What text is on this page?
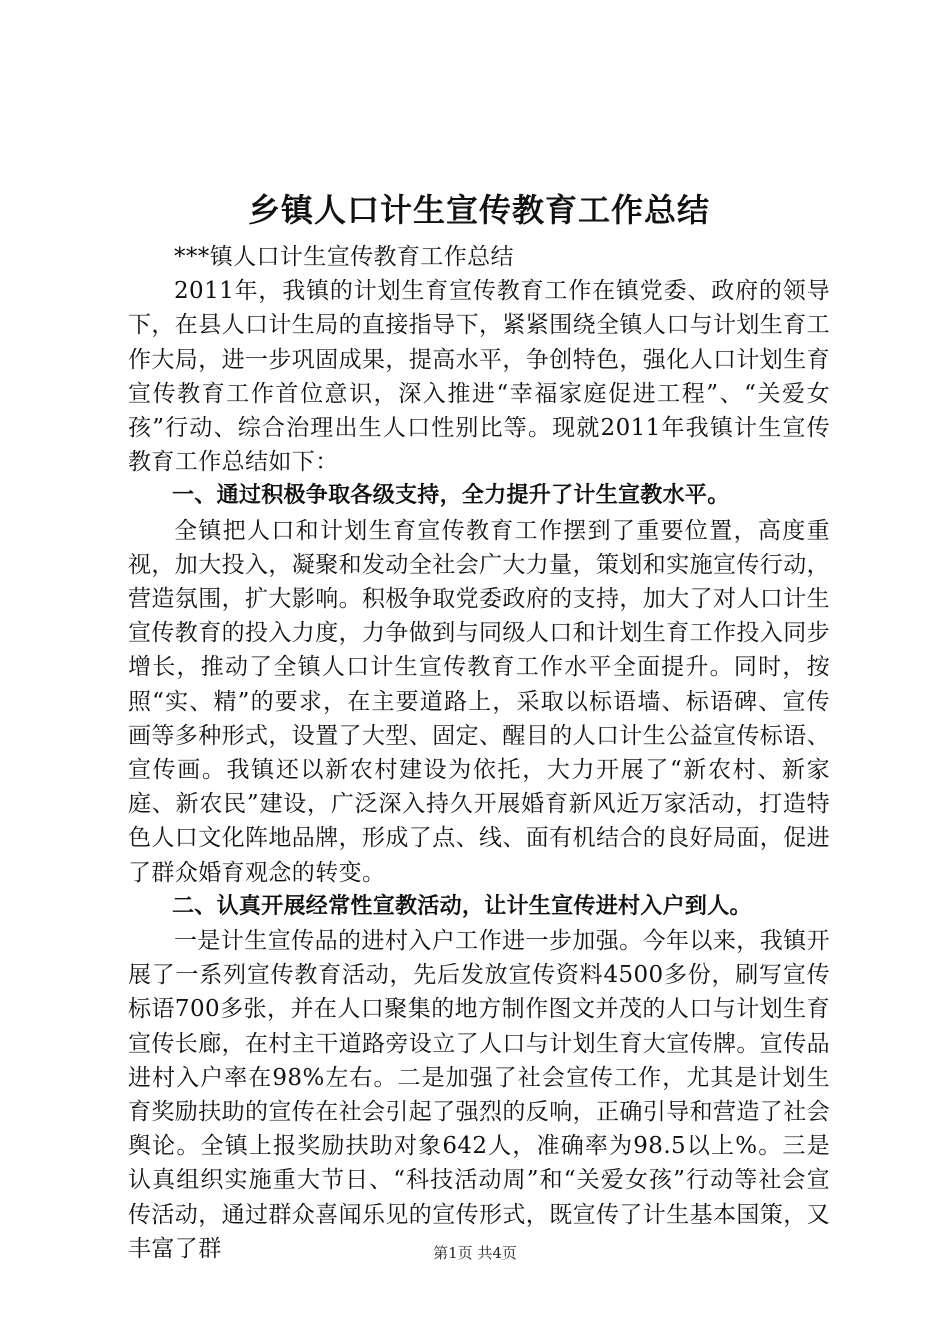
乡镇人口计生宣传教育工作总结

***镇人口计生宣传教育工作总结

2011年，我镇的计划生育宣传教育工作在镇党委、政府的领导下，在县人口计生局的直接指导下，紧紧围绕全镇人口与计划生育工作大局，进一步巩固成果，提高水平，争创特色，强化人口计划生育宣传教育工作首位意识，深入推进“幸福家庭促进工程”、“关爱女孩”行动、综合治理出生人口性别比等。现就2011年我镇计生宣传教育工作总结如下：

一、通过积极争取各级支持，全力提升了计生宣教水平。

全镇把人口和计划生育宣传教育工作摆到了重要位置，高度重视，加大投入，凝聚和发动全社会广大力量，策划和实施宣传行动，营造氛围，扩大影响。积极争取党委政府的支持，加大了对人口计生宣传教育的投入力度，力争做到与同级人口和计划生育工作投入同步增长，推动了全镇人口计生宣传教育工作水平全面提升。同时，按照“实、精”的要求，在主要道路上，采取以标语墙、标语碑、宣传画等多种形式，设置了大型、固定、醒目的人口计生公益宣传标语、宣传画。我镇还以新农村建设为依托，大力开展了“新农村、新家庭、新农民”建设，广泛深入持久开展婚育新风近万家活动，打造特色人口文化阵地品牌，形成了点、线、面有机结合的良好局面，促进了群众婚育观念的转变。

二、认真开展经常性宣教活动，让计生宣传进村入户到人。

一是计生宣传品的进村入户工作进一步加强。今年以来，我镇开展了一系列宣传教育活动，先后发放宣传资料4500多份，刷写宣传标语700多张，并在人口聚集的地方制作图文并茂的人口与计划生育宣传长廊，在村主干道路旁设立了人口与计划生育大宣传牌。宣传品进村入户率在98%左右。二是加强了社会宣传工作，尤其是计划生育奖励扶助的宣传在社会引起了强烈的反响，正确引导和营造了社会舆论。全镇上报奖励扶助对象642人，准确率为98.5以上%。三是认真组织实施重大节日、“科技活动周”和“关爱女孩”行动等社会宣传活动，通过群众喜闻乐见的宣传形式，既宣传了计生基本国策，又丰富了群	第1页 共4页
